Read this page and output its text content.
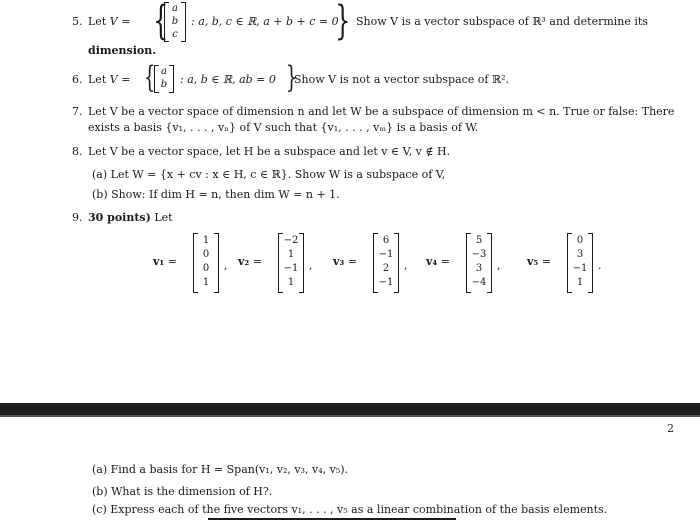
5. Let V = { a
b
c
: a, b, c ∈ ℝ, a + b + c = 0
} Show V is a vector subspace of ℝ³ and determine its
dimension.
6. Let V = { a
b	: a, b ∈ ℝ, ab = 0 }
Show V is not a vector subspace of ℝ².
7. Let V be a vector space of dimension n and let W be a subspace of dimension m < n. True or false: There
exists a basis {v₁, . . . , vₙ} of V such that {v₁, . . . , vₘ} is a basis of W.
8. Let V be a vector space, let H be a subspace and let v ∈ V, v ∉ H.
(a) Let W = {x + cv : x ∈ H, c ∈ ℝ}. Show W is a subspace of V,
(b) Show: If dim H = n, then dim W = n + 1.
9. 30 points) Let
v₁ =
1
0
0
1
, v₂ =
−2
1
−1
1
, v₃ =
6
−1
2
−1
, v₄ =
5
−3
3
−4
, v₅ =
0
3
−1
1
.
2
(a) Find a basis for H = Span(v₁, v₂, v₃, v₄, v₅).
(b) What is the dimension of H?.
(c) Express each of the five vectors v₁, . . . , v₅ as a linear combination of the basis elements.
